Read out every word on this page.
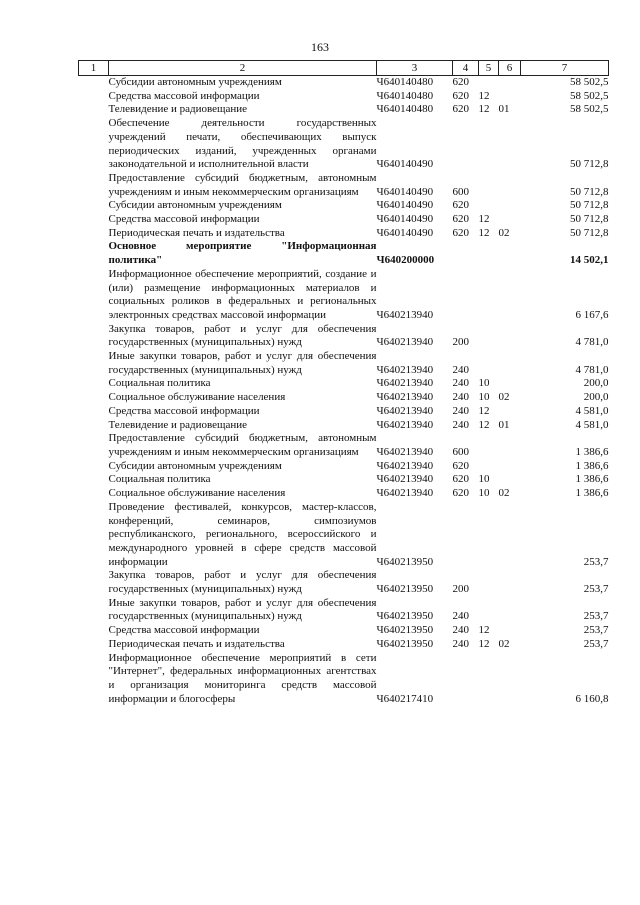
163
1	2	3	4	5	6	7
	Субсидии автономным учреждениям	Ч640140480	620			58 502,5
	Средства массовой информации	Ч640140480	620	12		58 502,5
	Телевидение и радиовещание	Ч640140480	620	12	01	58 502,5
	Обеспечение деятельности государственных учреждений печати, обеспечивающих выпуск периодических изданий, учрежденных органами законодательной и исполнительной власти	Ч640140490				50 712,8
	Предоставление субсидий бюджетным, автономным учреждениям и иным некоммерческим организациям	Ч640140490	600			50 712,8
	Субсидии автономным учреждениям	Ч640140490	620			50 712,8
	Средства массовой информации	Ч640140490	620	12		50 712,8
	Периодическая печать и издательства	Ч640140490	620	12	02	50 712,8
	Основное мероприятие "Информационная политика"	Ч640200000				14 502,1
	Информационное обеспечение мероприятий, создание и (или) размещение информационных материалов и социальных роликов в федеральных и региональных электронных средствах массовой информации	Ч640213940				6 167,6
	Закупка товаров, работ и услуг для обеспечения государственных (муниципальных) нужд	Ч640213940	200			4 781,0
	Иные закупки товаров, работ и услуг для обеспечения государственных (муниципальных) нужд	Ч640213940	240			4 781,0
	Социальная политика	Ч640213940	240	10		200,0
	Социальное обслуживание населения	Ч640213940	240	10	02	200,0
	Средства массовой информации	Ч640213940	240	12		4 581,0
	Телевидение и радиовещание	Ч640213940	240	12	01	4 581,0
	Предоставление субсидий бюджетным, автономным учреждениям и иным некоммерческим организациям	Ч640213940	600			1 386,6
	Субсидии автономным учреждениям	Ч640213940	620			1 386,6
	Социальная политика	Ч640213940	620	10		1 386,6
	Социальное обслуживание населения	Ч640213940	620	10	02	1 386,6
	Проведение фестивалей, конкурсов, мастер-классов, конференций, семинаров, симпозиумов республиканского, регионального, всероссийского и международного уровней в сфере средств массовой информации	Ч640213950				253,7
	Закупка товаров, работ и услуг для обеспечения государственных (муниципальных) нужд	Ч640213950	200			253,7
	Иные закупки товаров, работ и услуг для обеспечения государственных (муниципальных) нужд	Ч640213950	240			253,7
	Средства массовой информации	Ч640213950	240	12		253,7
	Периодическая печать и издательства	Ч640213950	240	12	02	253,7
	Информационное обеспечение мероприятий в сети "Интернет", федеральных информационных агентствах и организация мониторинга средств массовой информации и блогосферы	Ч640217410				6 160,8
